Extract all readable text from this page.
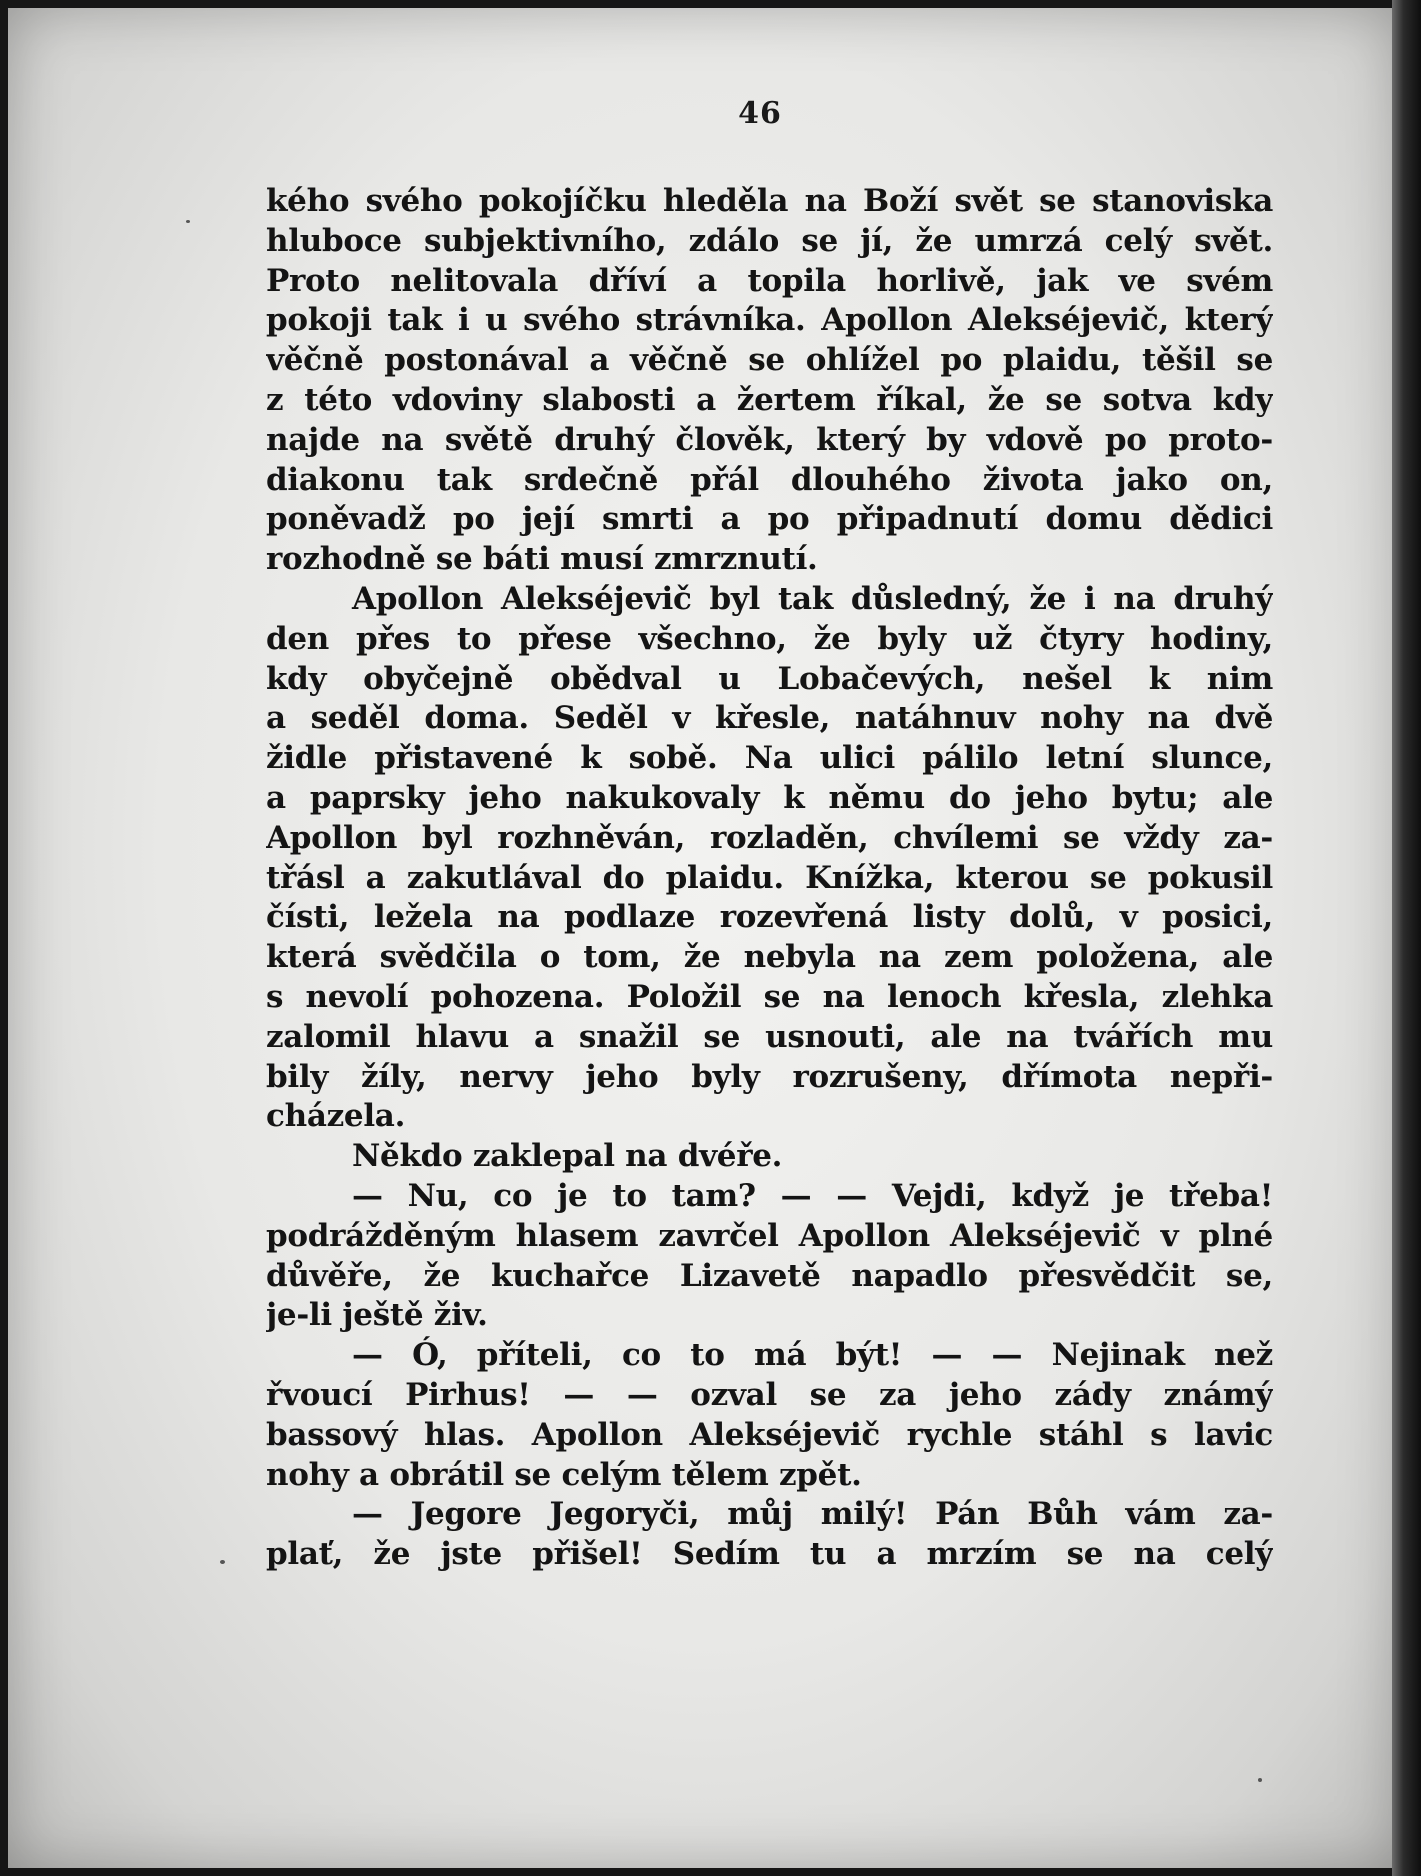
46
kého svého pokojíčku hleděla na Boží svět se stanoviska
hluboce subjektivního, zdálo se jí, že umrzá celý svět.
Proto nelitovala dříví a topila horlivě, jak ve svém
pokoji tak i u svého strávníka. Apollon Alekséjevič, který
věčně postonával a věčně se ohlížel po plaidu, těšil se
z této vdoviny slabosti a žertem říkal, že se sotva kdy
najde na světě druhý člověk, který by vdově po proto-
diakonu tak srdečně přál dlouhého života jako on,
poněvadž po její smrti a po připadnutí domu dědici
rozhodně se báti musí zmrznutí.
Apollon Alekséjevič byl tak důsledný, že i na druhý
den přes to přese všechno, že byly už čtyry hodiny,
kdy obyčejně obědval u Lobačevých, nešel k nim
a seděl doma. Seděl v křesle, natáhnuv nohy na dvě
židle přistavené k sobě. Na ulici pálilo letní slunce,
a paprsky jeho nakukovaly k němu do jeho bytu; ale
Apollon byl rozhněván, rozladěn, chvílemi se vždy za-
třásl a zakutlával do plaidu. Knížka, kterou se pokusil
čísti, ležela na podlaze rozevřená listy dolů, v posici,
která svědčila o tom, že nebyla na zem položena, ale
s nevolí pohozena. Položil se na lenoch křesla, zlehka
zalomil hlavu a snažil se usnouti, ale na tvářích mu
bily žíly, nervy jeho byly rozrušeny, dřímota nepři-
cházela.
Někdo zaklepal na dvéře.
— Nu, co je to tam? — — Vejdi, když je třeba!
podrážděným hlasem zavrčel Apollon Alekséjevič v plné
důvěře, že kuchařce Lizavetě napadlo přesvědčit se,
je-li ještě živ.
— Ó, příteli, co to má být! — — Nejinak než
řvoucí Pirhus! — — ozval se za jeho zády známý
bassový hlas. Apollon Alekséjevič rychle stáhl s lavic
nohy a obrátil se celým tělem zpět.
— Jegore Jegoryči, můj milý! Pán Bůh vám za-
plať, že jste přišel! Sedím tu a mrzím se na celý
